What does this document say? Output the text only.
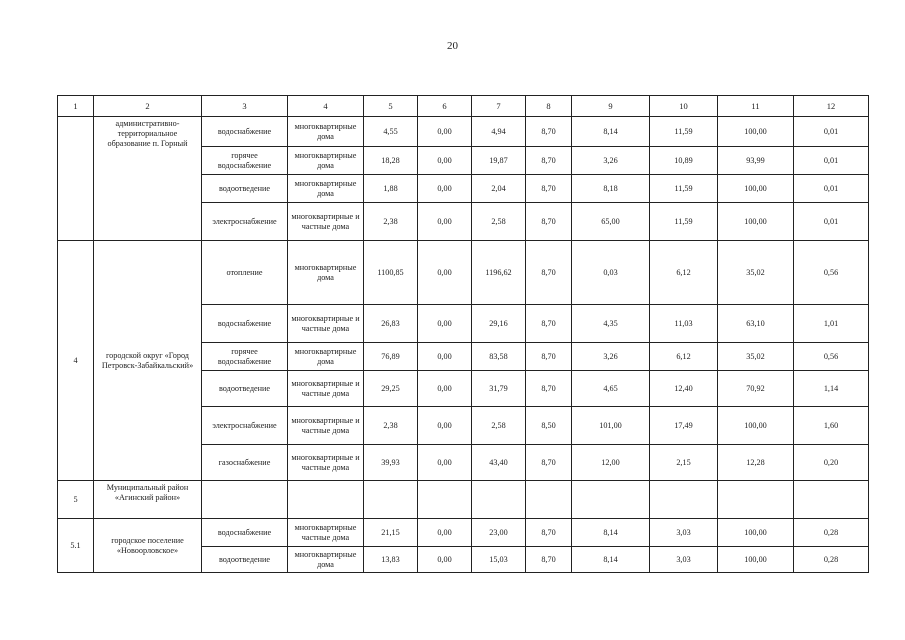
20
1	2	3	4	5	6	7	8	9	10	11	12
	административно-территориальное образование п. Горный	водоснабжение	многоквартирные дома	4,55	0,00	4,94	8,70	8,14	11,59	100,00	0,01
		горячее водоснабжение	многоквартирные дома	18,28	0,00	19,87	8,70	3,26	10,89	93,99	0,01
		водоотведение	многоквартирные дома	1,88	0,00	2,04	8,70	8,18	11,59	100,00	0,01
		электроснабжение	многоквартирные и частные дома	2,38	0,00	2,58	8,70	65,00	11,59	100,00	0,01
4	городской округ «Город Петровск-Забайкальский»	отопление	многоквартирные дома	1100,85	0,00	1196,62	8,70	0,03	6,12	35,02	0,56
		водоснабжение	многоквартирные и частные дома	26,83	0,00	29,16	8,70	4,35	11,03	63,10	1,01
		горячее водоснабжение	многоквартирные дома	76,89	0,00	83,58	8,70	3,26	6,12	35,02	0,56
		водоотведение	многоквартирные и частные дома	29,25	0,00	31,79	8,70	4,65	12,40	70,92	1,14
		электроснабжение	многоквартирные и частные дома	2,38	0,00	2,58	8,50	101,00	17,49	100,00	1,60
		газоснабжение	многоквартирные и частные дома	39,93	0,00	43,40	8,70	12,00	2,15	12,28	0,20
5	Муниципальный район «Агинский район»										
5.1	городское поселение «Новоорловское»	водоснабжение	многоквартирные частные дома	21,15	0,00	23,00	8,70	8,14	3,03	100,00	0,28
		водоотведение	многоквартирные дома	13,83	0,00	15,03	8,70	8,14	3,03	100,00	0,28
